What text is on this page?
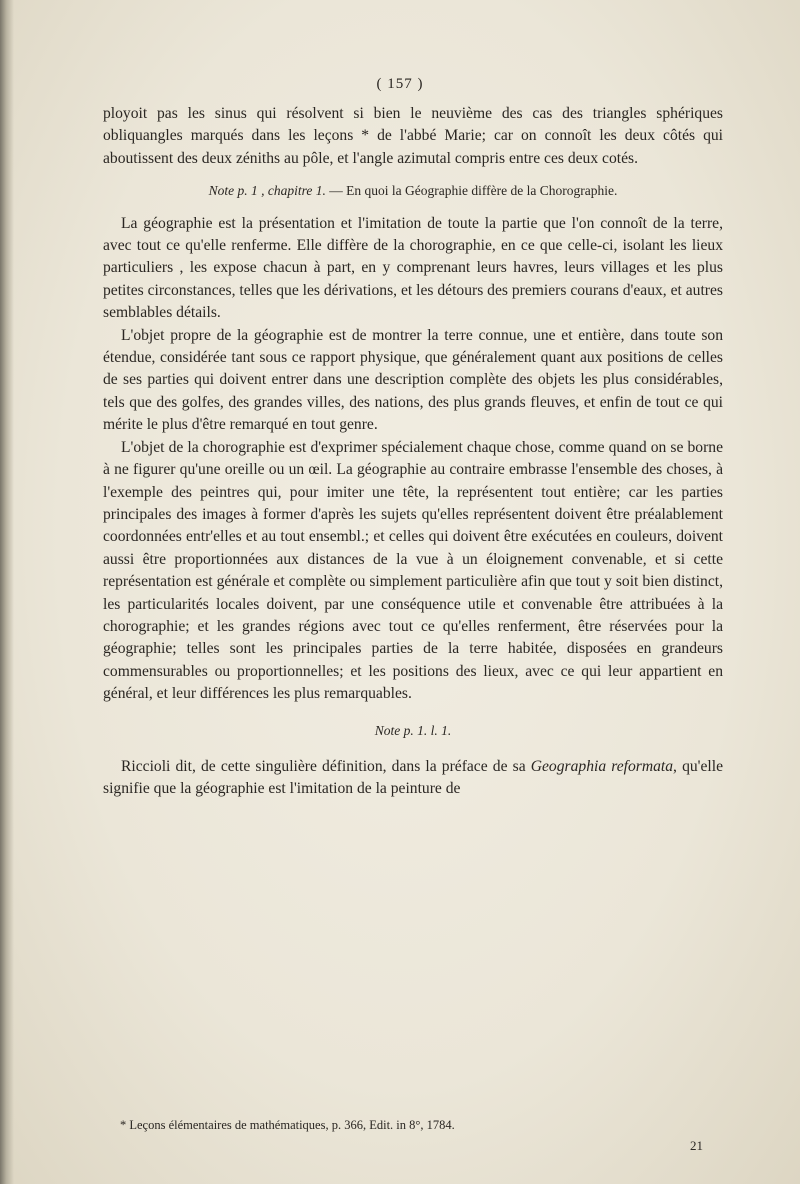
( 157 )

ployoit pas les sinus qui résolvent si bien le neuvième des cas des triangles sphériques obliquangles marqués dans les leçons * de l'abbé Marie; car on connoît les deux côtés qui aboutissent des deux zéniths au pôle, et l'angle azimutal compris entre ces deux cotés.

Note p. 1 , chapitre 1. — En quoi la Géographie diffère de la Chorographie.

La géographie est la présentation et l'imitation de toute la partie que l'on connoît de la terre, avec tout ce qu'elle renferme. Elle diffère de la chorographie, en ce que celle-ci, isolant les lieux particuliers , les expose chacun à part, en y comprenant leurs havres, leurs villages et les plus petites circonstances, telles que les dérivations, et les détours des premiers courans d'eaux, et autres semblables détails.

L'objet propre de la géographie est de montrer la terre connue, une et entière, dans toute son étendue, considérée tant sous ce rapport physique, que généralement quant aux positions de celles de ses parties qui doivent entrer dans une description complète des objets les plus considérables, tels que des golfes, des grandes villes, des nations, des plus grands fleuves, et enfin de tout ce qui mérite le plus d'être remarqué en tout genre.

L'objet de la chorographie est d'exprimer spécialement chaque chose, comme quand on se borne à ne figurer qu'une oreille ou un œil. La géographie au contraire embrasse l'ensemble des choses, à l'exemple des peintres qui, pour imiter une tête, la représentent tout entière; car les parties principales des images à former d'après les sujets qu'elles représentent doivent être préalablement coordonnées entr'elles et au tout ensembl.; et celles qui doivent être exécutées en couleurs, doivent aussi être proportionnées aux distances de la vue à un éloignement convenable, et si cette représentation est générale et complète ou simplement particulière afin que tout y soit bien distinct, les particularités locales doivent, par une conséquence utile et convenable être attribuées à la chorographie; et les grandes régions avec tout ce qu'elles renferment, être réservées pour la géographie; telles sont les principales parties de la terre habitée, disposées en grandeurs commensurables ou proportionnelles; et les positions des lieux, avec ce qui leur appartient en général, et leur différences les plus remarquables.

Note p. 1. l. 1.

Riccioli dit, de cette singulière définition, dans la préface de sa Geographia reformata, qu'elle signifie que la géographie est l'imitation de la peinture de

* Leçons élémentaires de mathématiques, p. 366, Edit. in 8°, 1784.
21
